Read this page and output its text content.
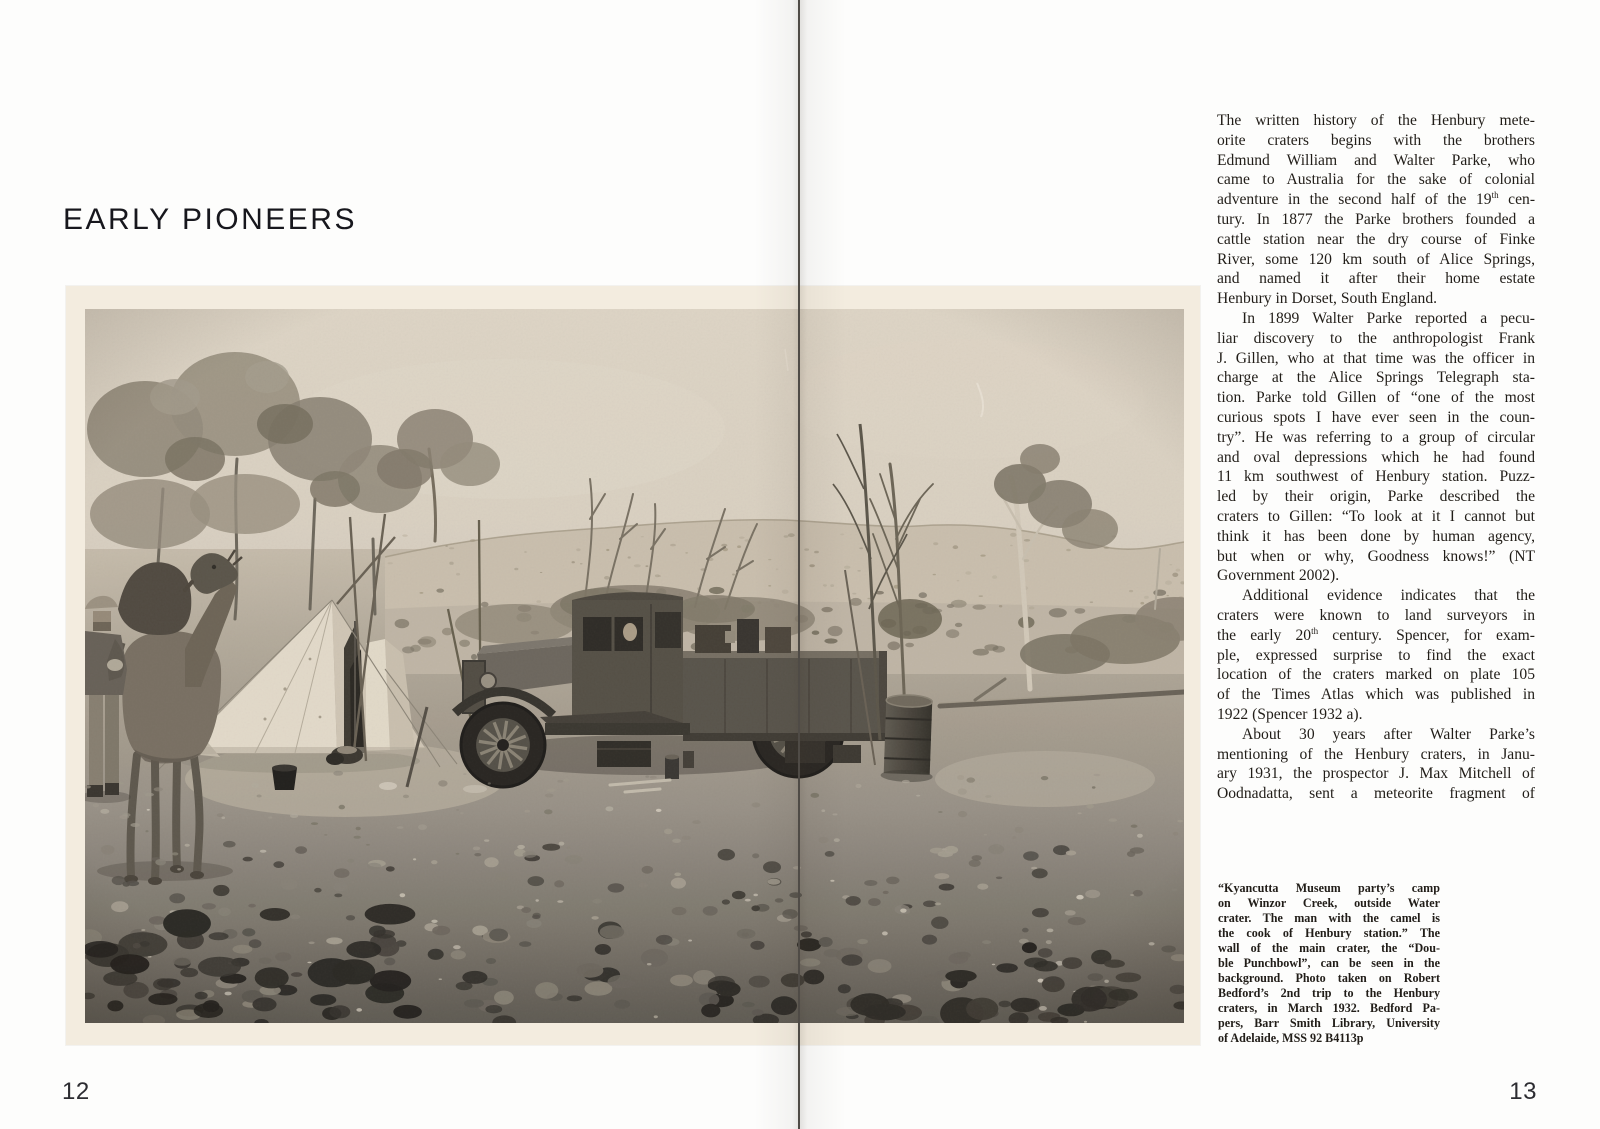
EARLY PIONEERS
The written history of the Henbury mete-
orite craters begins with the brothers
Edmund William and Walter Parke, who
came to Australia for the sake of colonial
adventure in the second half of the 19th cen-
tury. In 1877 the Parke brothers founded a
cattle station near the dry course of Finke
River, some 120 km south of Alice Springs,
and named it after their home estate
Henbury in Dorset, South England.
In 1899 Walter Parke reported a pecu-
liar discovery to the anthropologist Frank
J. Gillen, who at that time was the officer in
charge at the Alice Springs Telegraph sta-
tion. Parke told Gillen of “one of the most
curious spots I have ever seen in the coun-
try”. He was referring to a group of circular
and oval depressions which he had found
11 km southwest of Henbury station. Puzz-
led by their origin, Parke described the
craters to Gillen: “To look at it I cannot but
think it has been done by human agency,
but when or why, Goodness knows!” (NT
Government 2002).
Additional evidence indicates that the
craters were known to land surveyors in
the early 20th century. Spencer, for exam-
ple, expressed surprise to find the exact
location of the craters marked on plate 105
of the Times Atlas which was published in
1922 (Spencer 1932 a).
About 30 years after Walter Parke’s
mentioning of the Henbury craters, in Janu-
ary 1931, the prospector J. Max Mitchell of
Oodnadatta, sent a meteorite fragment of
“Kyancutta Museum party’s camp
on Winzor Creek, outside Water
crater. The man with the camel is
the cook of Henbury station.” The
wall of the main crater, the “Dou-
ble Punchbowl”, can be seen in the
background. Photo taken on Robert
Bedford’s 2nd trip to the Henbury
craters, in March 1932. Bedford Pa-
pers, Barr Smith Library, University
of Adelaide, MSS 92 B4113p
12	13
